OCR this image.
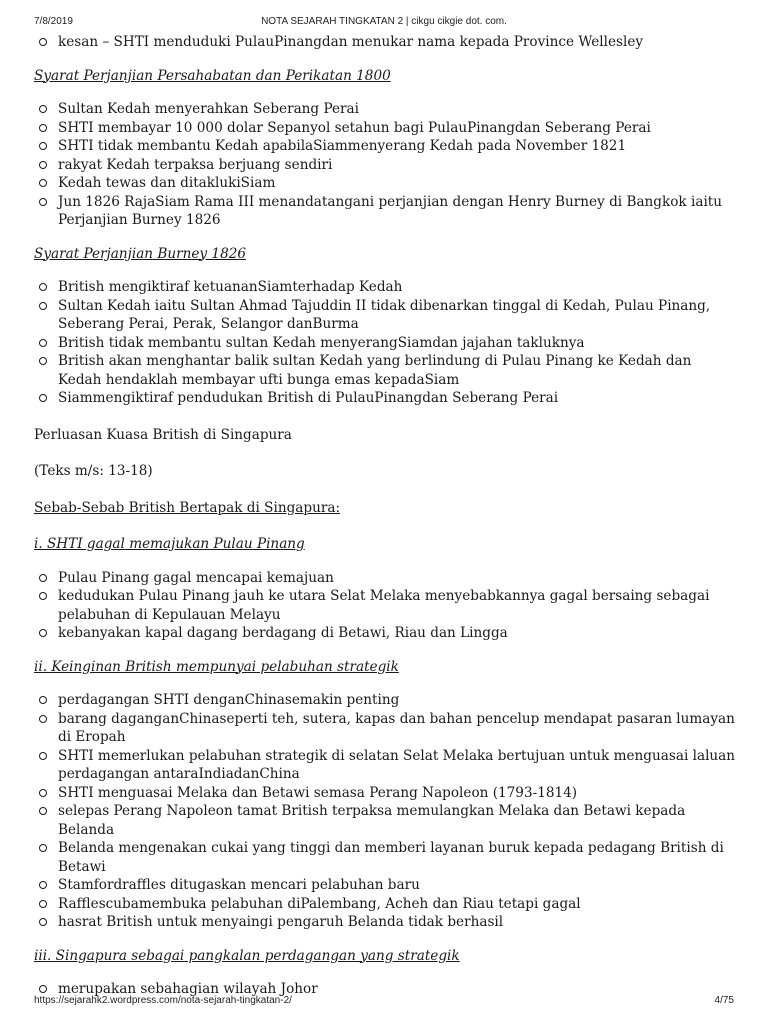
7/8/2019	NOTA SEJARAH TINGKATAN 2 | cikgu cikgie dot. com.
kesan – SHTI menduduki PulauPinangdan menukar nama kepada Province Wellesley
Syarat Perjanjian Persahabatan dan Perikatan 1800
Sultan Kedah menyerahkan Seberang Perai
SHTI membayar 10 000 dolar Sepanyol setahun bagi PulauPinangdan Seberang Perai
SHTI tidak membantu Kedah apabilaSiammenyerang Kedah pada November 1821
rakyat Kedah terpaksa berjuang sendiri
Kedah tewas dan ditaklukiSiam
Jun 1826 RajaSiam Rama III menandatangani perjanjian dengan Henry Burney di Bangkok iaitu Perjanjian Burney 1826
Syarat Perjanjian Burney 1826
British mengiktiraf ketuananSiamterhadap Kedah
Sultan Kedah iaitu Sultan Ahmad Tajuddin II tidak dibenarkan tinggal di Kedah, Pulau Pinang, Seberang Perai, Perak, Selangor danBurma
British tidak membantu sultan Kedah menyerangSiamdan jajahan takluknya
British akan menghantar balik sultan Kedah yang berlindung di Pulau Pinang ke Kedah dan Kedah hendaklah membayar ufti bunga emas kepadaSiam
Siammengiktiraf pendudukan British di PulauPinangdan Seberang Perai

Perluasan Kuasa British di Singapura

(Teks m/s: 13-18)

Sebab-Sebab British Bertapak di Singapura:

i. SHTI gagal memajukan Pulau Pinang
Pulau Pinang gagal mencapai kemajuan
kedudukan Pulau Pinang jauh ke utara Selat Melaka menyebabkannya gagal bersaing sebagai pelabuhan di Kepulauan Melayu
kebanyakan kapal dagang berdagang di Betawi, Riau dan Lingga
ii. Keinginan British mempunyai pelabuhan strategik
perdagangan SHTI denganChinasemakin penting
barang daganganChinaseperti teh, sutera, kapas dan bahan pencelup mendapat pasaran lumayan di Eropah
SHTI memerlukan pelabuhan strategik di selatan Selat Melaka bertujuan untuk menguasai laluan perdagangan antaraIndiadanChina
SHTI menguasai Melaka dan Betawi semasa Perang Napoleon (1793-1814)
selepas Perang Napoleon tamat British terpaksa memulangkan Melaka dan Betawi kepada Belanda
Belanda mengenakan cukai yang tinggi dan memberi layanan buruk kepada pedagang British di Betawi
Stamfordraffles ditugaskan mencari pelabuhan baru
Rafflescubamembuka pelabuhan diPalembang, Acheh dan Riau tetapi gagal
hasrat British untuk menyaingi pengaruh Belanda tidak berhasil
iii. Singapura sebagai pangkalan perdagangan yang strategik
merupakan sebahagian wilayah Johor
https://sejarahk2.wordpress.com/nota-sejarah-tingkatan-2/	4/75
